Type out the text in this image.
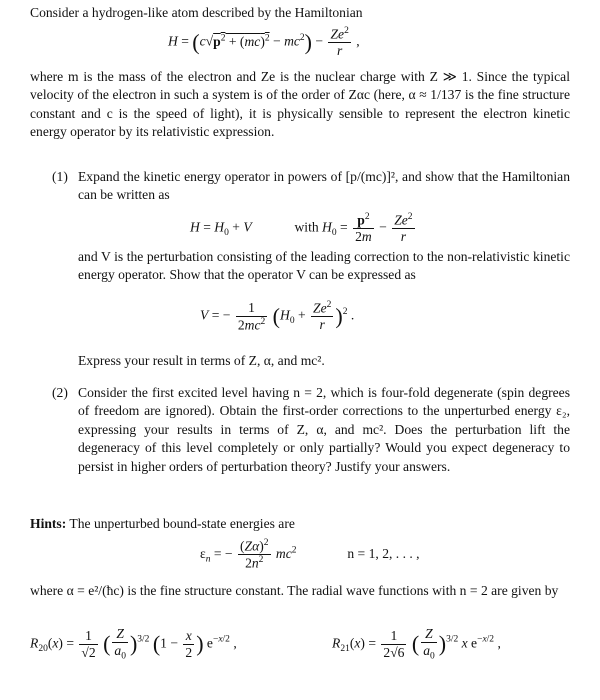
Consider a hydrogen-like atom described by the Hamiltonian
$H = (c√p^2 + (mc)^2 - mc^2) - \frac{Ze^2}{r}$ ,
where m is the mass of the electron and Ze is the nuclear charge with Z ≫ 1. Since the typical velocity of the electron in such a system is of the order of Zαc (here, α ≈ 1/137 is the fine structure constant and c is the speed of light), it is physically sensible to represent the electron kinetic energy operator by its relativistic expression.
(1) Expand the kinetic energy operator in powers of [p/(mc)]², and show that the Hamiltonian can be written as
$H = H_0 + V$	with $H_0 = \frac{p^2}{2m} - \frac{Ze^2}{r}$
and V is the perturbation consisting of the leading correction to the non-relativistic kinetic energy operator. Show that the operator V can be expressed as
V = − $\frac{1}{2mc^2} (H_0 + \frac{Ze^2}{r} )^2$ .
Express your result in terms of Z, α, and mc².
(2) Consider the first excited level having n = 2, which is four-fold degenerate (spin degrees of freedom are ignored). Obtain the first-order corrections to the unperturbed energy ε₂, expressing your results in terms of Z, α, and mc². Does the perturbation lift the degeneracy of this level completely or only partially? Would you expect degeneracy to persist in higher orders of perturbation theory? Justify your answers.
Hints: The unperturbed bound-state energies are
$\varepsilon_n$ = − $\frac{(Z\alpha)^2}{2n^2} mc^2$	n = 1, 2, . . . ,
where α = e²/(ħc) is the fine structure constant. The radial wave functions with n = 2 are given by
$R_{20}(x) = \frac{1}{√2}$ ( $\frac{Z}{a_0} )^{3/2}$ ($1 - \frac{x}{2}$ ) $e^{-x/2}$ ,	$R_{21}(x) = \frac{1}{2√6}$ ( $\frac{Z}{a_0} )^{3/2}$ x $e^{-x/2}$ ,
